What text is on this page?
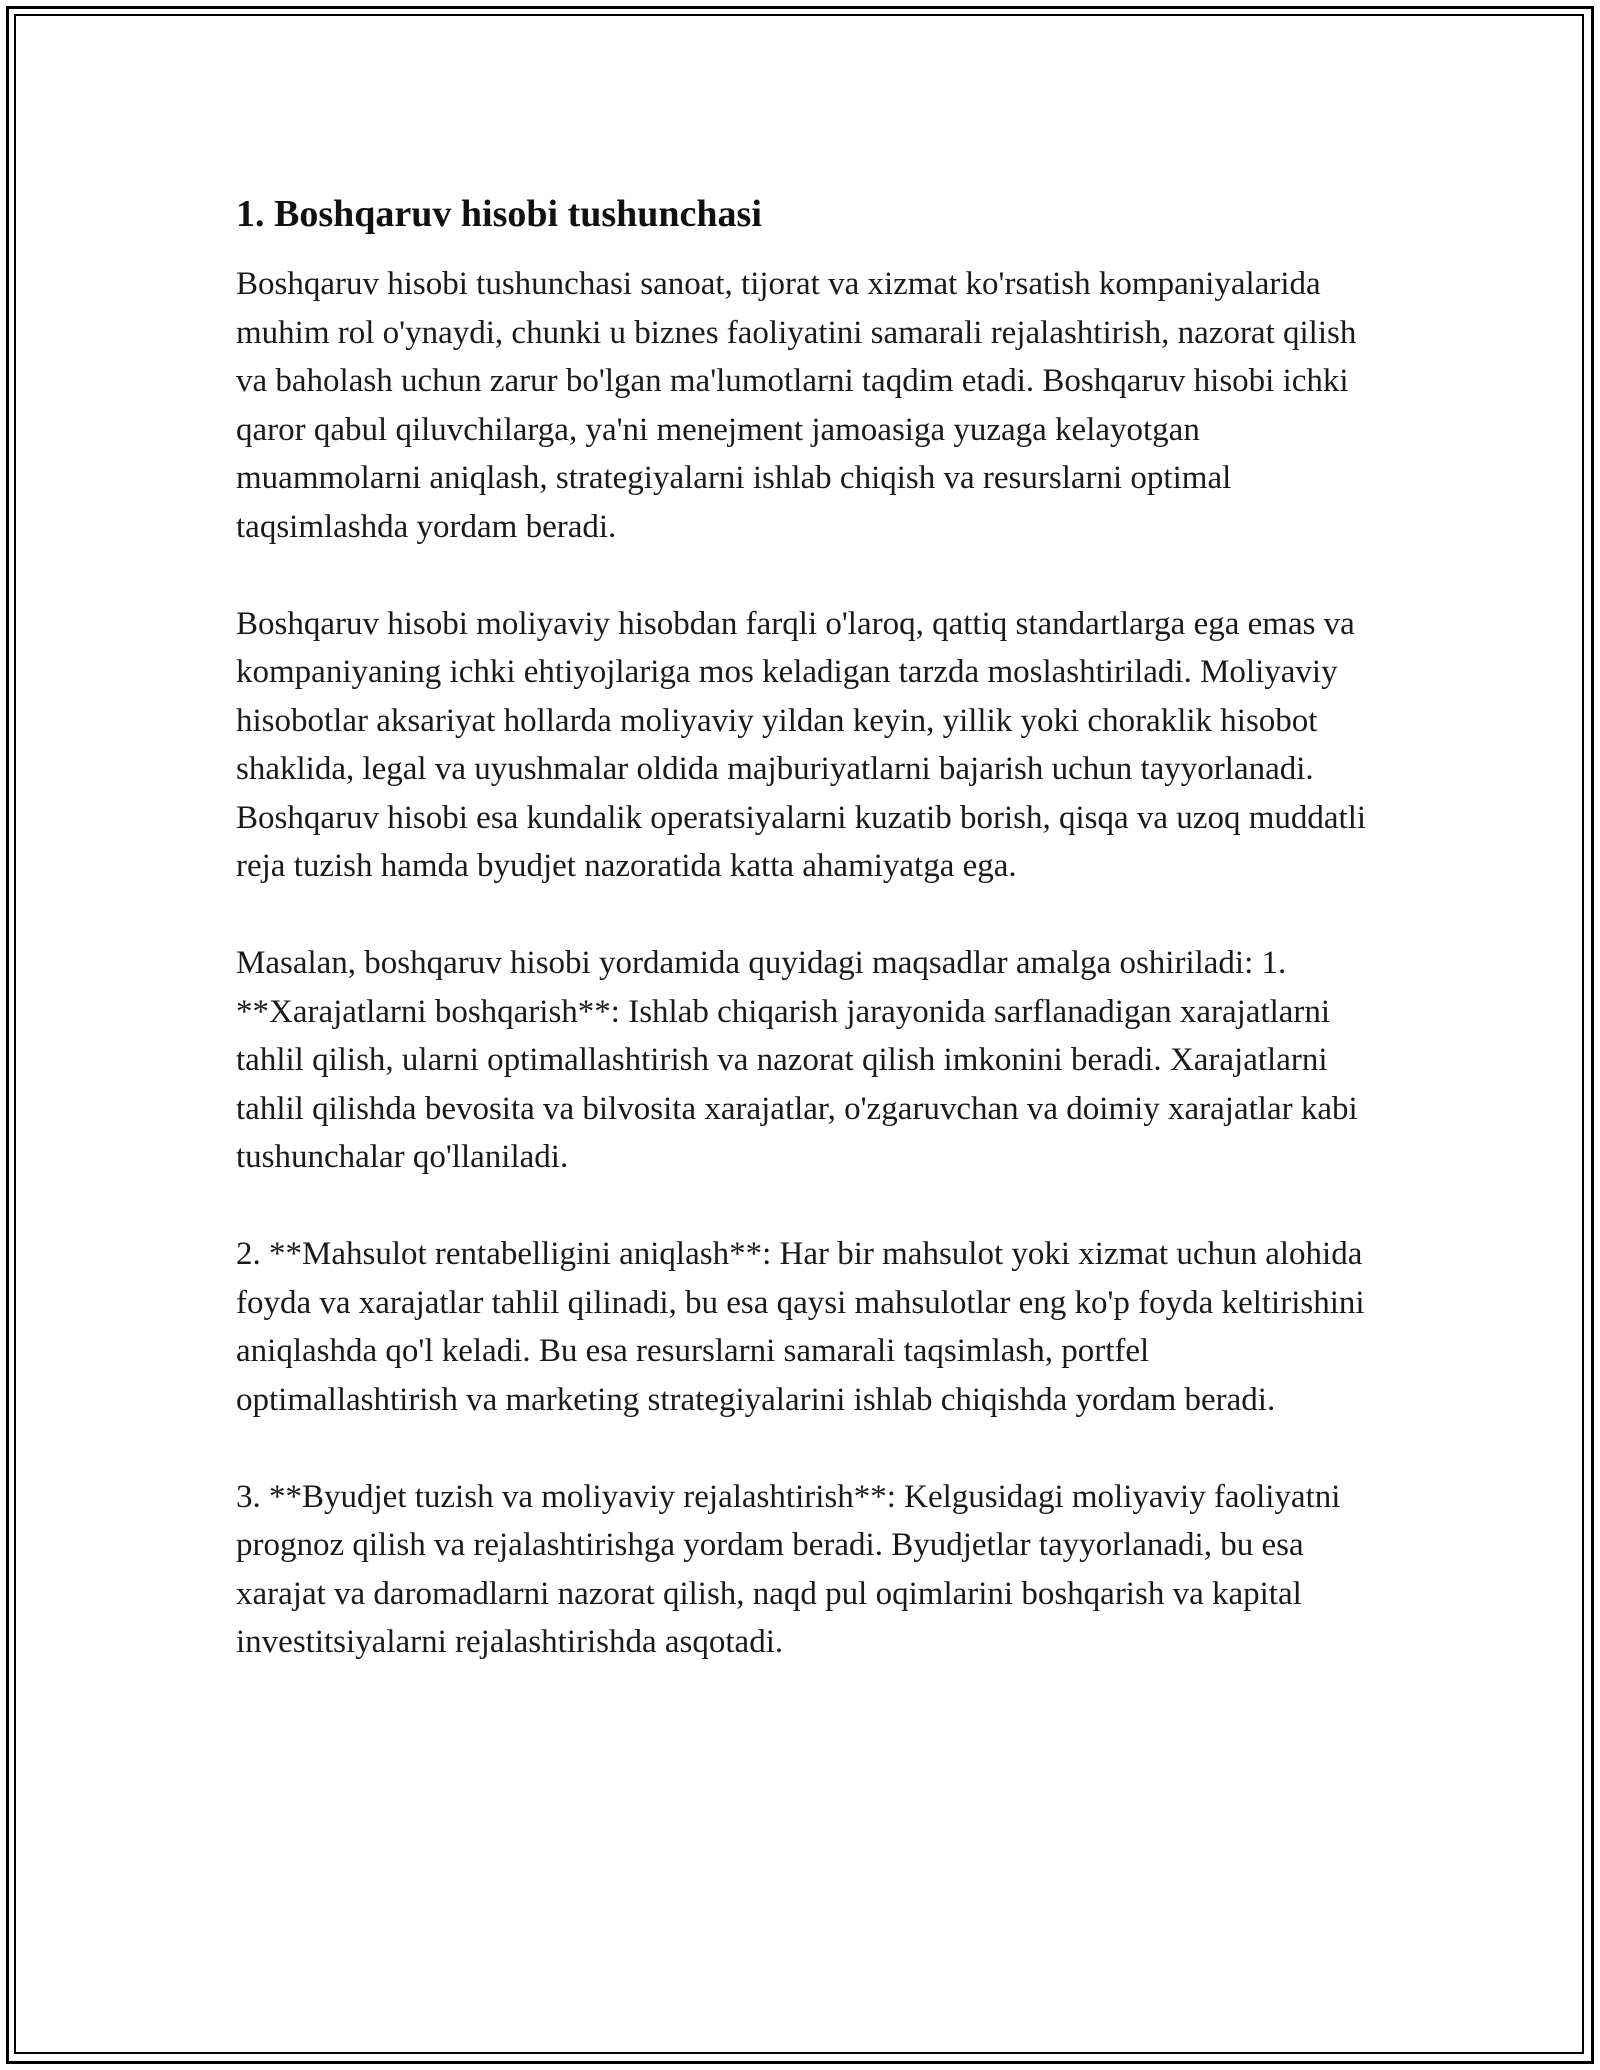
1. Boshqaruv hisobi tushunchasi

Boshqaruv hisobi tushunchasi sanoat, tijorat va xizmat ko'rsatish kompaniyalarida muhim rol o'ynaydi, chunki u biznes faoliyatini samarali rejalashtirish, nazorat qilish va baholash uchun zarur bo'lgan ma'lumotlarni taqdim etadi. Boshqaruv hisobi ichki qaror qabul qiluvchilarga, ya'ni menejment jamoasiga yuzaga kelayotgan muammolarni aniqlash, strategiyalarni ishlab chiqish va resurslarni optimal taqsimlashda yordam beradi.

Boshqaruv hisobi moliyaviy hisobdan farqli o'laroq, qattiq standartlarga ega emas va kompaniyaning ichki ehtiyojlariga mos keladigan tarzda moslashtiriladi. Moliyaviy hisobotlar aksariyat hollarda moliyaviy yildan keyin, yillik yoki choraklik hisobot shaklida, legal va uyushmalar oldida majburiyatlarni bajarish uchun tayyorlanadi. Boshqaruv hisobi esa kundalik operatsiyalarni kuzatib borish, qisqa va uzoq muddatli reja tuzish hamda byudjet nazoratida katta ahamiyatga ega.

Masalan, boshqaruv hisobi yordamida quyidagi maqsadlar amalga oshiriladi: 1. **Xarajatlarni boshqarish**: Ishlab chiqarish jarayonida sarflanadigan xarajatlarni tahlil qilish, ularni optimallashtirish va nazorat qilish imkonini beradi. Xarajatlarni tahlil qilishda bevosita va bilvosita xarajatlar, o'zgaruvchan va doimiy xarajatlar kabi tushunchalar qo'llaniladi.

2. **Mahsulot rentabelligini aniqlash**: Har bir mahsulot yoki xizmat uchun alohida foyda va xarajatlar tahlil qilinadi, bu esa qaysi mahsulotlar eng ko'p foyda keltirishini aniqlashda qo'l keladi. Bu esa resurslarni samarali taqsimlash, portfel optimallashtirish va marketing strategiyalarini ishlab chiqishda yordam beradi.

3. **Byudjet tuzish va moliyaviy rejalashtirish**: Kelgusidagi moliyaviy faoliyatni prognoz qilish va rejalashtirishga yordam beradi. Byudjetlar tayyorlanadi, bu esa xarajat va daromadlarni nazorat qilish, naqd pul oqimlarini boshqarish va kapital investitsiyalarni rejalashtirishda asqotadi.
